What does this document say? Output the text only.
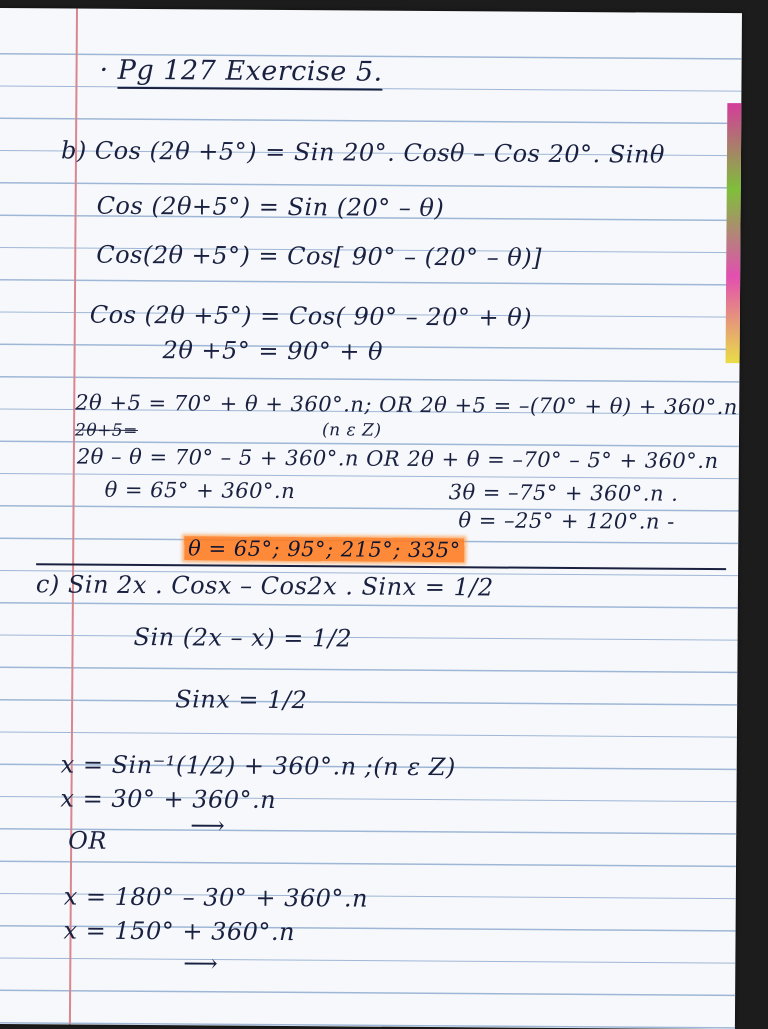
· Pg 127 Exercise 5.
b) Cos (2θ +5°) = Sin 20°. Cosθ – Cos 20°. Sinθ
Cos (2θ+5°) = Sin (20° – θ)
Cos(2θ +5°) = Cos[ 90° – (20° – θ)]
Cos (2θ +5°) = Cos( 90° – 20° + θ)
2θ +5° = 90° + θ
2θ +5 = 70° + θ + 360°.n; OR 2θ +5 = –(70° + θ) + 360°.n
2θ+5=	(n ε Z)
2θ – θ = 70° – 5 + 360°.n OR 2θ + θ = –70° – 5° + 360°.n
θ = 65° + 360°.n	3θ = –75° + 360°.n .
θ = –25° + 120°.n -
θ = 65°; 95°; 215°; 335°
c) Sin 2x . Cosx – Cos2x . Sinx = 1/2
Sin (2x – x) = 1/2
Sinx = 1/2
x = Sin⁻¹(1/2) + 360°.n ;(n ε Z)
x = 30° + 360°.n
⟶
OR
x = 180° – 30° + 360°.n
x = 150° + 360°.n
⟶
